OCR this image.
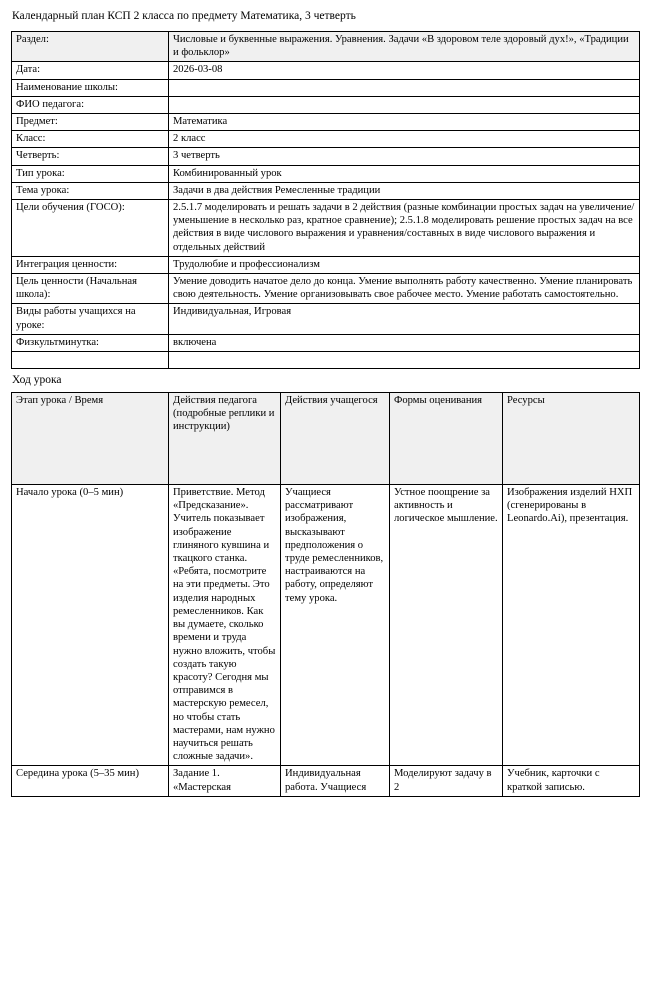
Календарный план КСП 2 класса по предмету Математика, 3 четверть
Раздел:	Числовые и буквенные выражения. Уравнения. Задачи «В здоровом теле здоровый дух!», «Традиции и фольклор»
Дата:	2026-03-08
Наименование школы:	
ФИО педагога:	
Предмет:	Математика
Класс:	2 класс
Четверть:	3 четверть
Тип урока:	Комбинированный урок
Тема урока:	Задачи в два действия Ремесленные традиции
Цели обучения (ГОСО):	2.5.1.7 моделировать и решать задачи в 2 действия (разные комбинации простых задач на увеличение/ уменьшение в несколько раз, кратное сравнение); 2.5.1.8 моделировать решение простых задач на все действия в виде числового выражения и уравнения/составных в виде числового выражения и отдельных действий
Интеграция ценности:	Трудолюбие и профессионализм
Цель ценности (Начальная школа):	Умение доводить начатое дело до конца. Умение выполнять работу качественно. Умение планировать свою деятельность. Умение организовывать свое рабочее место. Умение работать самостоятельно.
Виды работы учащихся на уроке:	Индивидуальная, Игровая
Физкультминутка:	включена

Ход урока
Этап урока / Время	Действия педагога (подробные реплики и инструкции)	Действия учащегося	Формы оценивания	Ресурсы
Начало урока (0–5 мин)	Приветствие. Метод «Предсказание». Учитель показывает изображение глиняного кувшина и ткацкого станка. «Ребята, посмотрите на эти предметы. Это изделия народных ремесленников. Как вы думаете, сколько времени и труда нужно вложить, чтобы создать такую красоту? Сегодня мы отправимся в мастерскую ремесел, но чтобы стать мастерами, нам нужно научиться решать сложные задачи».	Учащиеся рассматривают изображения, высказывают предположения о труде ремесленников, настраиваются на работу, определяют тему урока.	Устное поощрение за активность и логическое мышление.	Изображения изделий НХП (сгенерированы в Leonardo.Ai), презентация.
Середина урока (5–35 мин)	Задание 1. «Мастерская	Индивидуальная работа. Учащиеся	Моделируют задачу в 2	Учебник, карточки с краткой записью.
